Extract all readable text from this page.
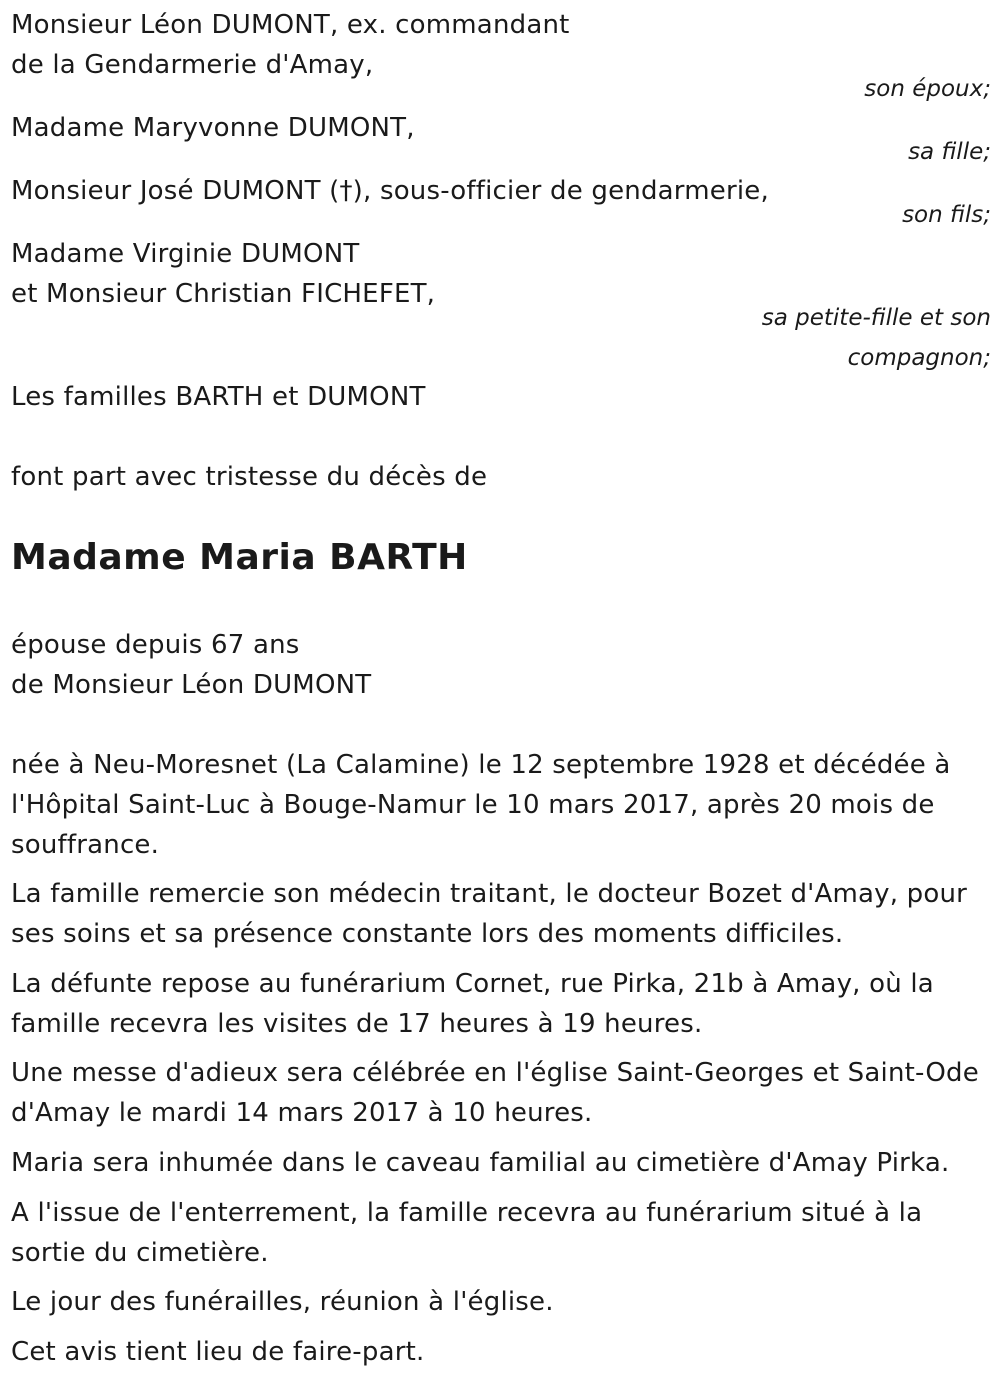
Monsieur Léon DUMONT, ex. commandant
de la Gendarmerie d'Amay,
son époux;
Madame Maryvonne DUMONT,
sa fille;
Monsieur José DUMONT (†), sous-officier de gendarmerie,
son fils;
Madame Virginie DUMONT
et Monsieur Christian FICHEFET,
sa petite-fille et son
compagnon;
Les familles BARTH et DUMONT
font part avec tristesse du décès de
Madame Maria BARTH
épouse depuis 67 ans
de Monsieur Léon DUMONT
née à Neu-Moresnet (La Calamine) le 12 septembre 1928 et décédée à l'Hôpital Saint-Luc à Bouge-Namur le 10 mars 2017, après 20 mois de souffrance.
La famille remercie son médecin traitant, le docteur Bozet d'Amay, pour ses soins et sa présence constante lors des moments difficiles.
La défunte repose au funérarium Cornet, rue Pirka, 21b à Amay, où la famille recevra les visites de 17 heures à 19 heures.
Une messe d'adieux sera célébrée en l'église Saint-Georges et Saint-Ode d'Amay le mardi 14 mars 2017 à 10 heures.
Maria sera inhumée dans le caveau familial au cimetière d'Amay Pirka.
A l'issue de l'enterrement, la famille recevra au funérarium situé à la sortie du cimetière.
Le jour des funérailles, réunion à l'église.
Cet avis tient lieu de faire-part.
